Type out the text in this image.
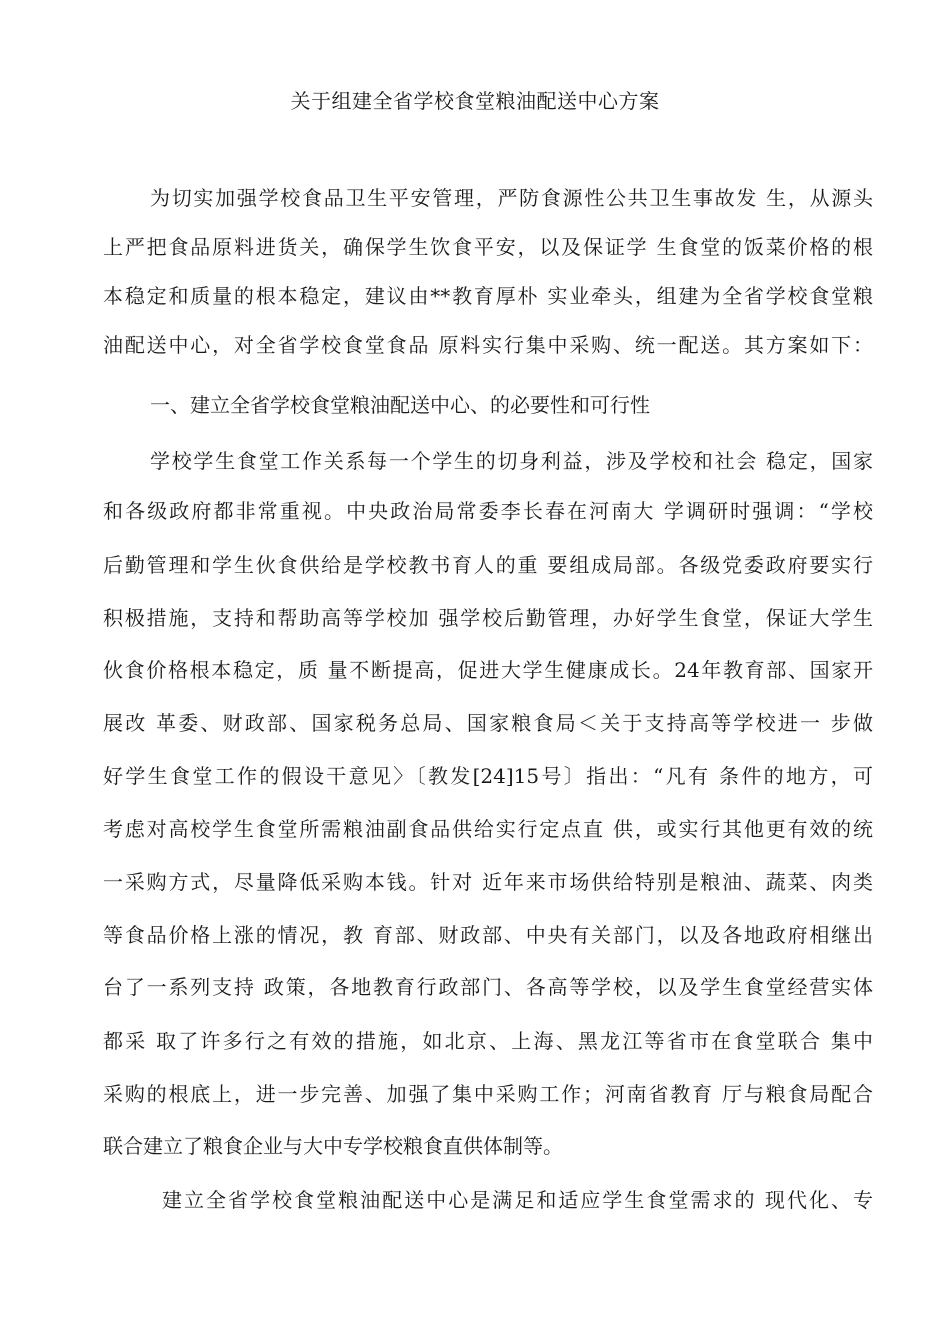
关于组建全省学校食堂粮油配送中心方案
为切实加强学校食品卫生平安管理，严防食源性公共卫生事故发 生，从源头
上严把食品原料进货关，确保学生饮食平安，以及保证学 生食堂的饭菜价格的根
本稳定和质量的根本稳定，建议由**教育厚朴 实业牵头，组建为全省学校食堂粮
油配送中心，对全省学校食堂食品 原料实行集中采购、统一配送。其方案如下：
一、建立全省学校食堂粮油配送中心、的必要性和可行性
学校学生食堂工作关系每一个学生的切身利益，涉及学校和社会 稳定，国家
和各级政府都非常重视。中央政治局常委李长春在河南大 学调研时强调：“学校
后勤管理和学生伙食供给是学校教书育人的重 要组成局部。各级党委政府要实行
积极措施，支持和帮助高等学校加 强学校后勤管理，办好学生食堂，保证大学生
伙食价格根本稳定，质 量不断提高，促进大学生健康成长。24年教育部、国家开
展改 革委、财政部、国家税务总局、国家粮食局＜关于支持高等学校进一 步做
好学生食堂工作的假设干意见〉〔教发[24]15号〕指出：“凡有 条件的地方，可
考虑对高校学生食堂所需粮油副食品供给实行定点直 供，或实行其他更有效的统
一采购方式，尽量降低采购本钱。针对 近年来市场供给特别是粮油、蔬菜、肉类
等食品价格上涨的情况，教 育部、财政部、中央有关部门，以及各地政府相继出
台了一系列支持 政策，各地教育行政部门、各高等学校，以及学生食堂经营实体
都采 取了许多行之有效的措施，如北京、上海、黑龙江等省市在食堂联合 集中
采购的根底上，进一步完善、加强了集中采购工作；河南省教育 厅与粮食局配合
联合建立了粮食企业与大中专学校粮食直供体制等。
建立全省学校食堂粮油配送中心是满足和适应学生食堂需求的 现代化、专
